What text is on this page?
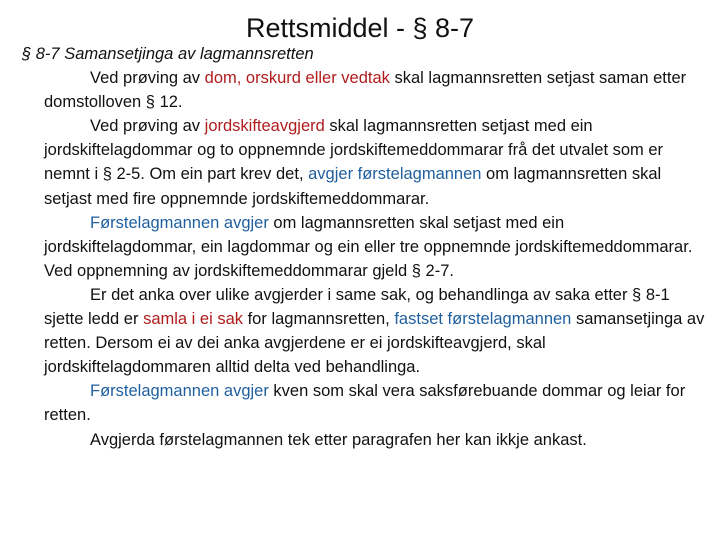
Rettsmiddel - § 8-7

§ 8-7 Samansetjinga av lagmannsretten

Ved prøving av dom, orskurd eller vedtak skal lagmannsretten setjast saman etter domstolloven § 12.

Ved prøving av jordskifteavgjerd skal lagmannsretten setjast med ein jordskiftelagdommar og to oppnemnde jordskiftemeddommarar frå det utvalet som er nemnt i § 2-5. Om ein part krev det, avgjer førstelagmannen om lagmannsretten skal setjast med fire oppnemnde jordskiftemeddommarar.

Førstelagmannen avgjer om lagmannsretten skal setjast med ein jordskiftelagdommar, ein lagdommar og ein eller tre oppnemnde jordskiftemeddommarar. Ved oppnemning av jordskiftemeddommarar gjeld § 2-7.

Er det anka over ulike avgjerder i same sak, og behandlinga av saka etter § 8-1 sjette ledd er samla i ei sak for lagmannsretten, fastset førstelagmannen samansetjinga av retten. Dersom ei av dei anka avgjerdene er ei jordskifteavgjerd, skal jordskiftelagdommaren alltid delta ved behandlinga.

Førstelagmannen avgjer kven som skal vera saksførebuande dommar og leiar for retten.

Avgjerda førstelagmannen tek etter paragrafen her kan ikkje ankast.
